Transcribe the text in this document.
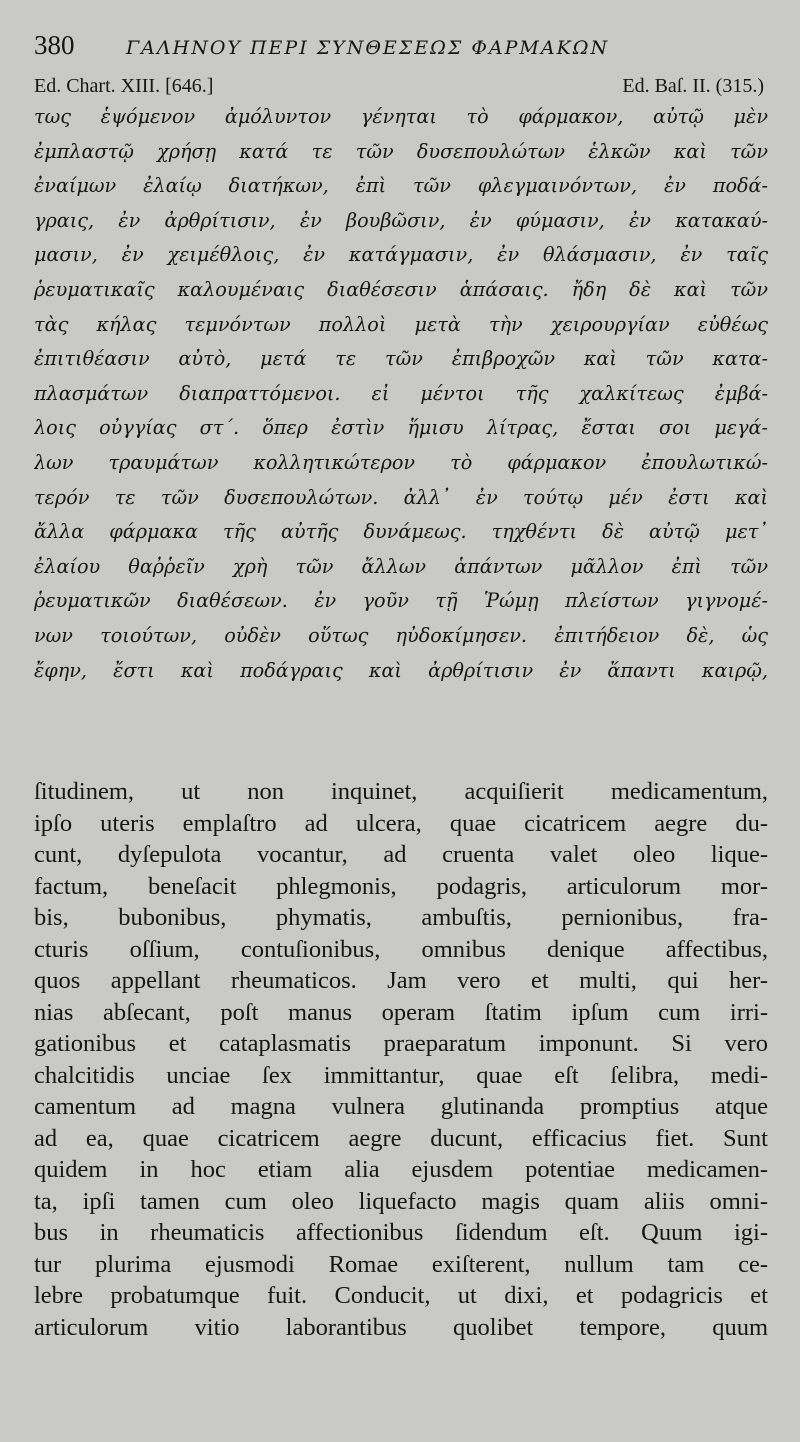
380	ΓΑΛΗΝΟΥ ΠΕΡΙ ΣΥΝΘΕΣΕΩΣ ΦΑΡΜΑΚΩΝ
Ed. Chart. XIII. [646.]	Ed. Baſ. II. (315.)
τως ἑψόμενον ἀμόλυντον γένηται τὸ φάρμακον, αὐτῷ μὲν
ἐμπλαστῷ χρήσῃ κατά τε τῶν δυσεπουλώτων ἑλκῶν καὶ τῶν
ἐναίμων ἐλαίῳ διατήκων, ἐπὶ τῶν φλεγμαινόντων, ἐν ποδά-
γραις, ἐν ἀρθρίτισιν, ἐν βουβῶσιν, ἐν φύμασιν, ἐν κατακαύ-
μασιν, ἐν χειμέθλοις, ἐν κατάγμασιν, ἐν θλάσμασιν, ἐν ταῖς
ῥευματικαῖς καλουμέναις διαθέσεσιν ἁπάσαις. ἤδη δὲ καὶ τῶν
τὰς κήλας τεμνόντων πολλοὶ μετὰ τὴν χειρουργίαν εὐθέως
ἐπιτιθέασιν αὐτὸ, μετά τε τῶν ἐπιβροχῶν καὶ τῶν κατα-
πλασμάτων διαπραττόμενοι. εἰ μέντοι τῆς χαλκίτεως ἐμβά-
λοις οὐγγίας στ΄. ὅπερ ἐστὶν ἥμισυ λίτρας, ἔσται σοι μεγά-
λων τραυμάτων κολλητικώτερον τὸ φάρμακον ἐπουλωτικώ-
τερόν τε τῶν δυσεπουλώτων. ἀλλ᾽ ἐν τούτῳ μέν ἐστι καὶ
ἄλλα φάρμακα τῆς αὐτῆς δυνάμεως. τηχθέντι δὲ αὐτῷ μετ᾽
ἐλαίου θαῤῥεῖν χρὴ τῶν ἄλλων ἁπάντων μᾶλλον ἐπὶ τῶν
ῥευματικῶν διαθέσεων. ἐν γοῦν τῇ Ῥώμῃ πλείστων γιγνομέ-
νων τοιούτων, οὐδὲν οὕτως ηὐδοκίμησεν. ἐπιτήδειον δὲ, ὡς
ἔφην, ἔστι καὶ ποδάγραις καὶ ἀρθρίτισιν ἐν ἅπαντι καιρῷ,
ſitudinem, ut non inquinet, acquiſierit medicamentum,
ipſo uteris emplaſtro ad ulcera, quae cicatricem aegre du-
cunt, dyſepulota vocantur, ad cruenta valet oleo lique-
factum, beneſacit phlegmonis, podagris, articulorum mor-
bis, bubonibus, phymatis, ambuſtis, pernionibus, fra-
cturis oſſium, contuſionibus, omnibus denique affectibus,
quos appellant rheumaticos. Jam vero et multi, qui her-
nias abſecant, poſt manus operam ſtatim ipſum cum irri-
gationibus et cataplasmatis praeparatum imponunt. Si vero
chalcitidis unciae ſex immittantur, quae eſt ſelibra, medi-
camentum ad magna vulnera glutinanda promptius atque
ad ea, quae cicatricem aegre ducunt, efficacius fiet. Sunt
quidem in hoc etiam alia ejusdem potentiae medicamen-
ta, ipſi tamen cum oleo liquefacto magis quam aliis omni-
bus in rheumaticis affectionibus ſidendum eſt. Quum igi-
tur plurima ejusmodi Romae exiſterent, nullum tam ce-
lebre probatumque fuit. Conducit, ut dixi, et podagricis et
articulorum vitio laborantibus quolibet tempore, quum
